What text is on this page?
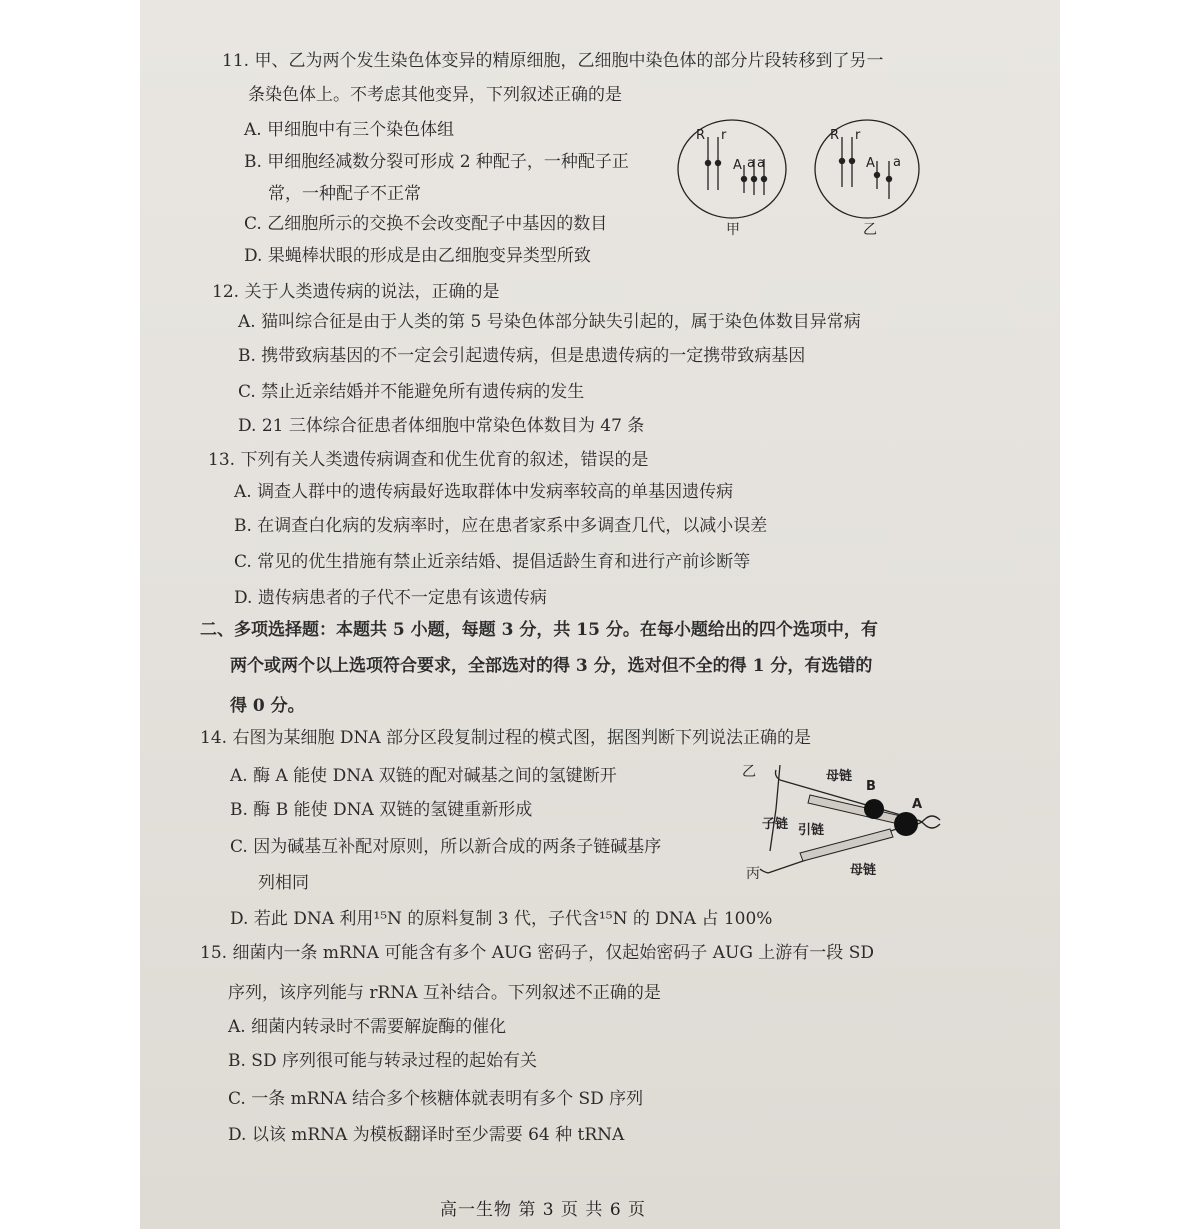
11. 甲、乙为两个发生染色体变异的精原细胞，乙细胞中染色体的部分片段转移到了另一
条染色体上。不考虑其他变异，下列叙述正确的是
A. 甲细胞中有三个染色体组
B. 甲细胞经减数分裂可形成 2 种配子，一种配子正
常，一种配子不正常
C. 乙细胞所示的交换不会改变配子中基因的数目
D. 果蝇棒状眼的形成是由乙细胞变异类型所致
R r
A a a
R r
A a
甲	乙
12. 关于人类遗传病的说法，正确的是
A. 猫叫综合征是由于人类的第 5 号染色体部分缺失引起的，属于染色体数目异常病
B. 携带致病基因的不一定会引起遗传病，但是患遗传病的一定携带致病基因
C. 禁止近亲结婚并不能避免所有遗传病的发生
D. 21 三体综合征患者体细胞中常染色体数目为 47 条
13. 下列有关人类遗传病调查和优生优育的叙述，错误的是
A. 调查人群中的遗传病最好选取群体中发病率较高的单基因遗传病
B. 在调查白化病的发病率时，应在患者家系中多调查几代，以减小误差
C. 常见的优生措施有禁止近亲结婚、提倡适龄生育和进行产前诊断等
D. 遗传病患者的子代不一定患有该遗传病
二、多项选择题：本题共 5 小题，每题 3 分，共 15 分。在每小题给出的四个选项中，有
两个或两个以上选项符合要求，全部选对的得 3 分，选对但不全的得 1 分，有选错的
得 0 分。
14. 右图为某细胞 DNA 部分区段复制过程的模式图，据图判断下列说法正确的是
A. 酶 A 能使 DNA 双链的配对碱基之间的氢键断开
B. 酶 B 能使 DNA 双链的氢键重新形成
C. 因为碱基互补配对原则，所以新合成的两条子链碱基序
列相同
D. 若此 DNA 利用¹⁵N 的原料复制 3 代，子代含¹⁵N 的 DNA 占 100%
乙	母链
B
A
子链 引链
丙	母链
15. 细菌内一条 mRNA 可能含有多个 AUG 密码子，仅起始密码子 AUG 上游有一段 SD
序列，该序列能与 rRNA 互补结合。下列叙述不正确的是
A. 细菌内转录时不需要解旋酶的催化
B. SD 序列很可能与转录过程的起始有关
C. 一条 mRNA 结合多个核糖体就表明有多个 SD 序列
D. 以该 mRNA 为模板翻译时至少需要 64 种 tRNA
高一生物 第 3 页 共 6 页
